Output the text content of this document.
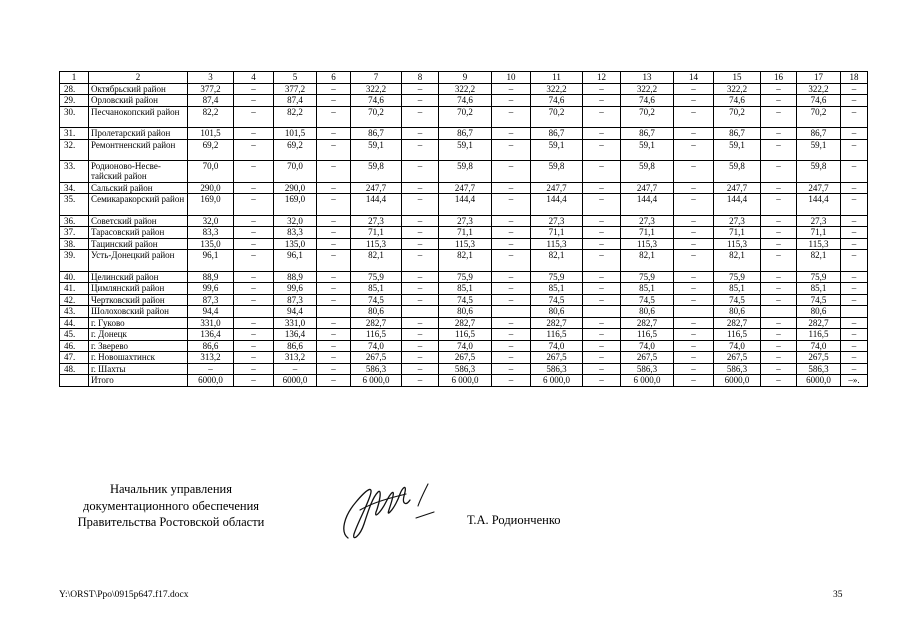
1	2	3	4	5	6	7	8	9	10	11	12	13	14	15	16	17	18
28.	Октябрьский район	377,2	–	377,2	–	322,2	–	322,2	–	322,2	–	322,2	–	322,2	–	322,2	–
29.	Орловский район	87,4	–	87,4	–	74,6	–	74,6	–	74,6	–	74,6	–	74,6	–	74,6	–
30.	Песчанокопский район	82,2	–	82,2	–	70,2	–	70,2	–	70,2	–	70,2	–	70,2	–	70,2	–
31.	Пролетарский район	101,5	–	101,5	–	86,7	–	86,7	–	86,7	–	86,7	–	86,7	–	86,7	–
32.	Ремонтненский район	69,2	–	69,2	–	59,1	–	59,1	–	59,1	–	59,1	–	59,1	–	59,1	–
33.	Родионово-Несве-тайский район	70,0	–	70,0	–	59,8	–	59,8	–	59,8	–	59,8	–	59,8	–	59,8	–
34.	Сальский район	290,0	–	290,0	–	247,7	–	247,7	–	247,7	–	247,7	–	247,7	–	247,7	–
35.	Семикаракорский район	169,0	–	169,0	–	144,4	–	144,4	–	144,4	–	144,4	–	144,4	–	144,4	–
36.	Советский район	32,0	–	32,0	–	27,3	–	27,3	–	27,3	–	27,3	–	27,3	–	27,3	–
37.	Тарасовский район	83,3	–	83,3	–	71,1	–	71,1	–	71,1	–	71,1	–	71,1	–	71,1	–
38.	Тацинский район	135,0	–	135,0	–	115,3	–	115,3	–	115,3	–	115,3	–	115,3	–	115,3	–
39.	Усть-Донецкий район	96,1	–	96,1	–	82,1	–	82,1	–	82,1	–	82,1	–	82,1	–	82,1	–
40.	Целинский район	88,9	–	88,9	–	75,9	–	75,9	–	75,9	–	75,9	–	75,9	–	75,9	–
41.	Цимлянский район	99,6	–	99,6	–	85,1	–	85,1	–	85,1	–	85,1	–	85,1	–	85,1	–
42.	Чертковский район	87,3	–	87,3	–	74,5	–	74,5	–	74,5	–	74,5	–	74,5	–	74,5	–
43.	Шолоховский район	94,4		94,4		80,6		80,6		80,6		80,6		80,6		80,6	
44.	г. Гуково	331,0	–	331,0	–	282,7	–	282,7	–	282,7	–	282,7	–	282,7	–	282,7	–
45.	г. Донецк	136,4	–	136,4	–	116,5	–	116,5	–	116,5	–	116,5	–	116,5	–	116,5	–
46.	г. Зверево	86,6	–	86,6	–	74,0	–	74,0	–	74,0	–	74,0	–	74,0	–	74,0	–
47.	г. Новошахтинск	313,2	–	313,2	–	267,5	–	267,5	–	267,5	–	267,5	–	267,5	–	267,5	–
48.	г. Шахты	–	–	–	–	586,3	–	586,3	–	586,3	–	586,3	–	586,3	–	586,3	–
	Итого	6000,0	–	6000,0	–	6 000,0	–	6 000,0	–	6 000,0	–	6 000,0	–	6000,0	–	6000,0	–».
Начальник управления
документационного обеспечения
Правительства Ростовской области	Т.А. Родионченко
Y:\ORST\Ppo\0915p647.f17.docx	35
